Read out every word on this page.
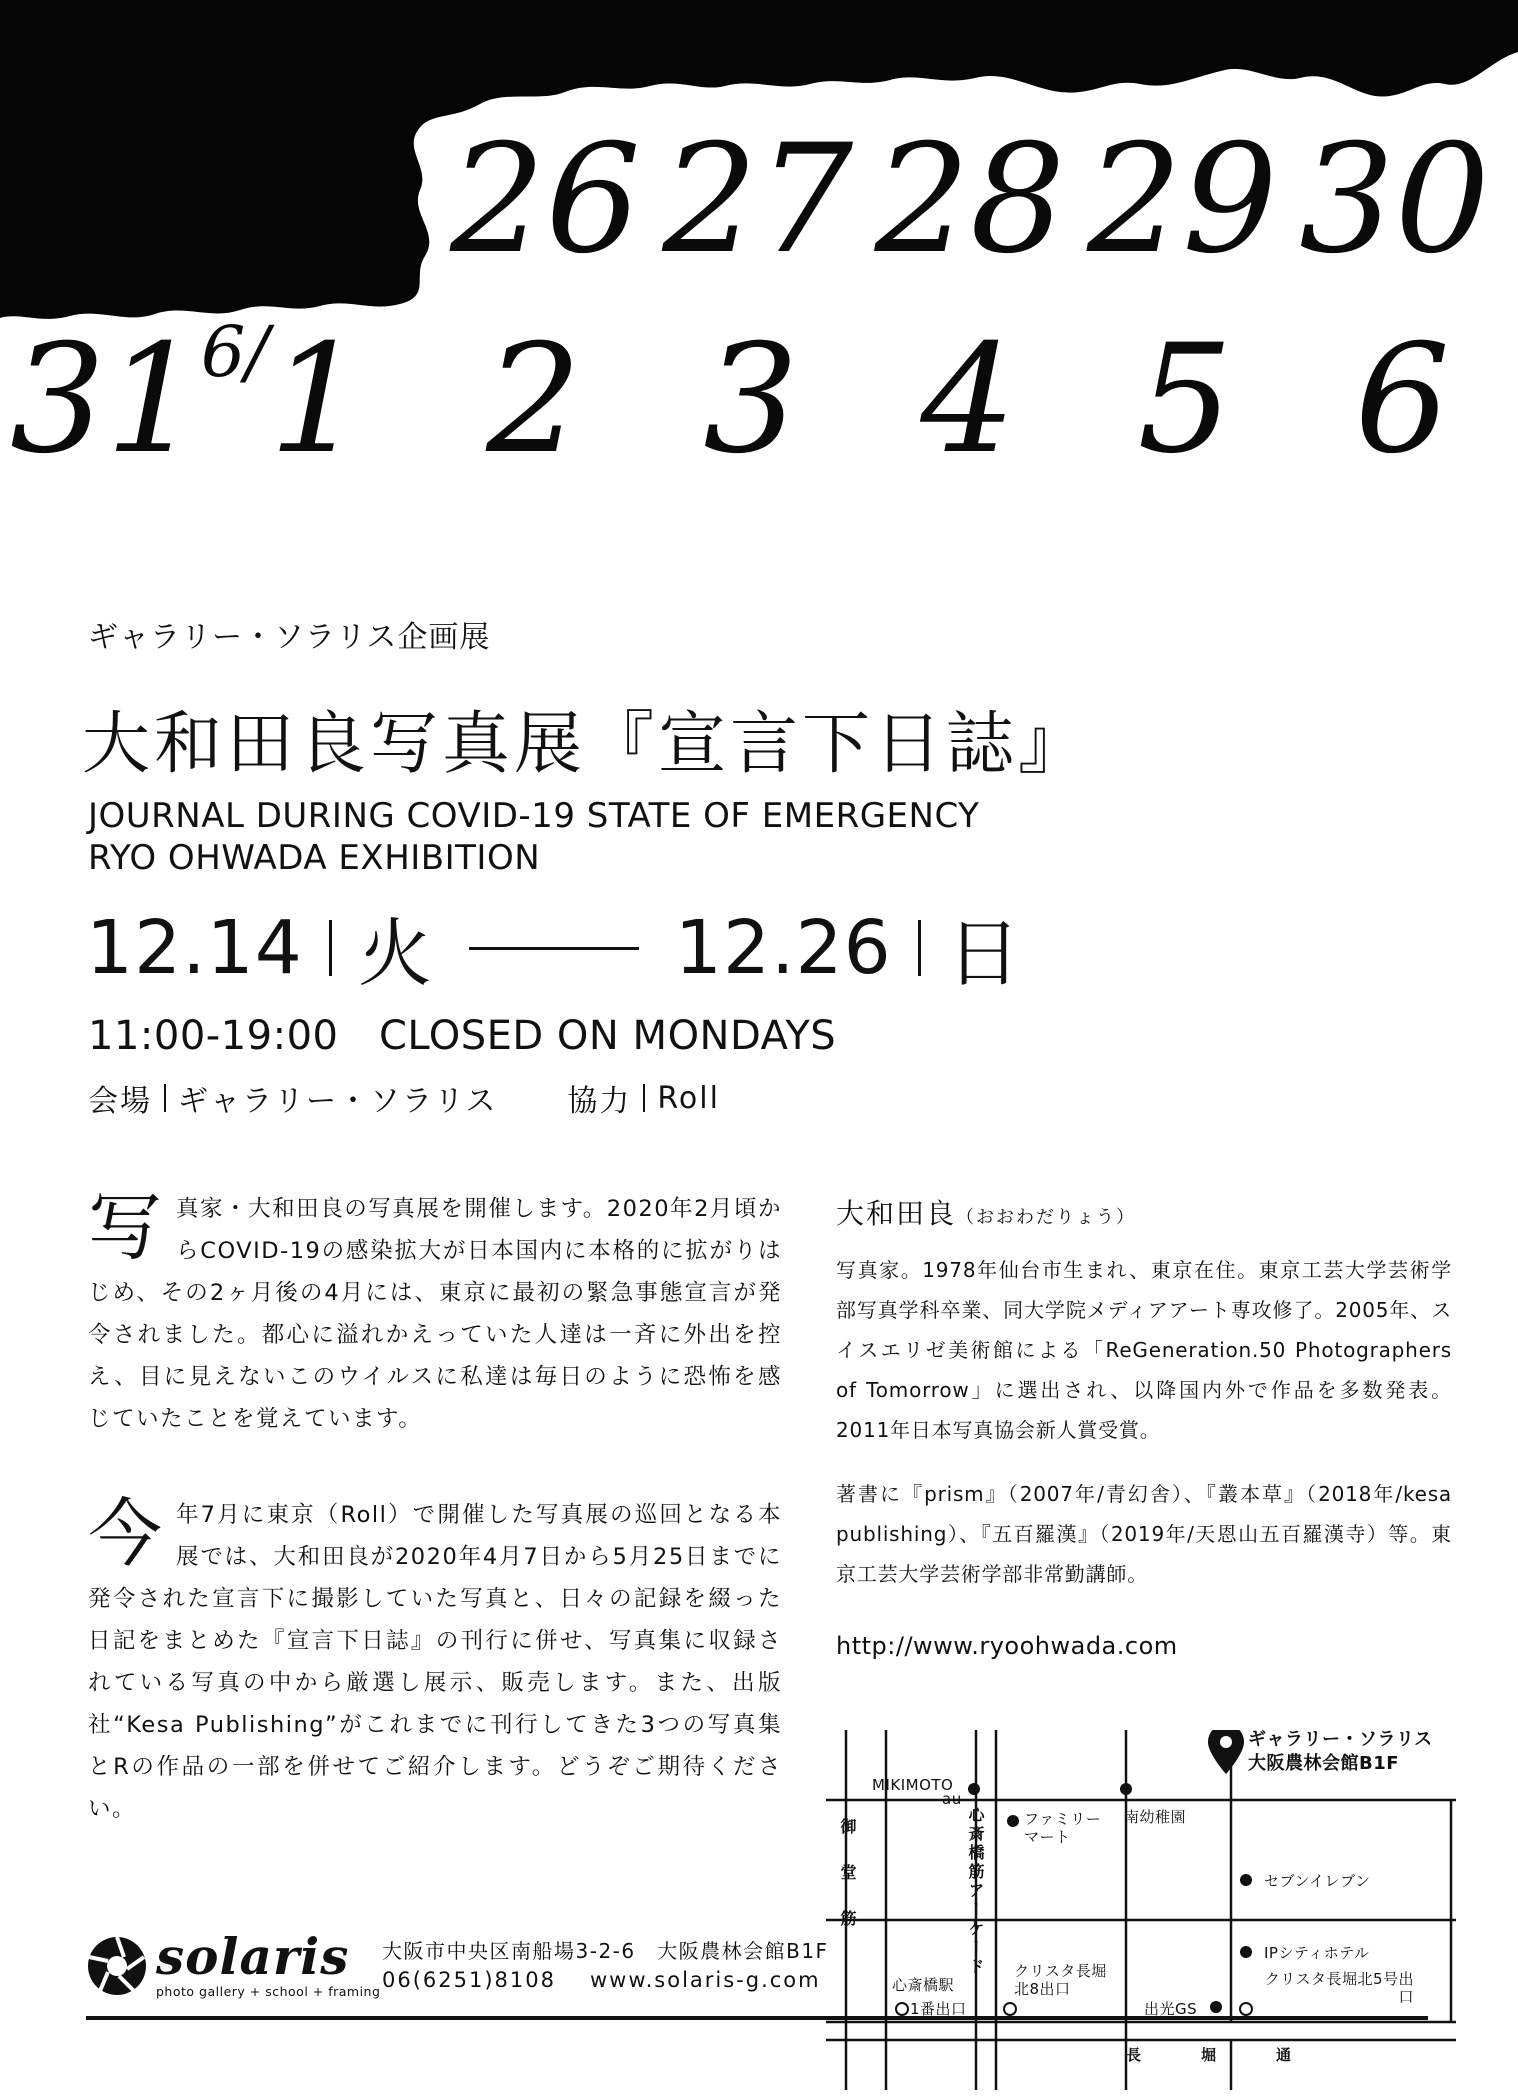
26 27 28 29 30
316/1 2 3 4 5 6
ギャラリー・ソラリス企画展
大和田良写真展『宣言下日誌』
JOURNAL DURING COVID-19 STATE OF EMERGENCY
RYO OHWADA EXHIBITION
12.14 火	12.26 日
11:00-19:00　CLOSED ON MONDAYS
会場 ギャラリー・ソラリス 協力 Roll
写真家・大和田良の写真展を開催します。2020年2月頃からCOVID-19の感染拡大が日本国内に本格的に拡がりはじめ、その2ヶ月後の4月には、東京に最初の緊急事態宣言が発令されました。都心に溢れかえっていた人達は一斉に外出を控え、目に見えないこのウイルスに私達は毎日のように恐怖を感じていたことを覚えています。
今年7月に東京（Roll）で開催した写真展の巡回となる本展では、大和田良が2020年4月7日から5月25日までに発令された宣言下に撮影していた写真と、日々の記録を綴った日記をまとめた『宣言下日誌』の刊行に併せ、写真集に収録されている写真の中から厳選し展示、販売します。また、出版社“Kesa Publishing”がこれまでに刊行してきた3つの写真集とRの作品の一部を併せてご紹介します。どうぞご期待ください。
大和田良（おおわだりょう）
写真家。1978年仙台市生まれ、東京在住。東京工芸大学芸術学部写真学科卒業、同大学院メディアアート専攻修了。2005年、スイスエリゼ美術館による「ReGeneration.50 Photographers of Tomorrow」に選出され、以降国内外で作品を多数発表。2011年日本写真協会新人賞受賞。
著書に『prism』（2007年/青幻舎）、『叢本草』（2018年/kesa publishing）、『五百羅漢』（2019年/天恩山五百羅漢寺）等。東京工芸大学芸術学部非常勤講師。
http://www.ryoohwada.com
solaris
photo gallery + school + framing
大阪市中央区南船場3-2-6　大阪農林会館B1F
06(6251)8108 www.solaris-g.com
ギャラリー・ソラリス
大阪農林会館B1F
MIKIMOTO
au
ファミリーマート
南幼稚園
セブンイレブン
IPシティホテル
クリスタ長堀北8出口
クリスタ長堀北5号出口
心斎橋駅
1番出口	出光GS
心斎橋筋アーケード
御堂筋
長堀通
